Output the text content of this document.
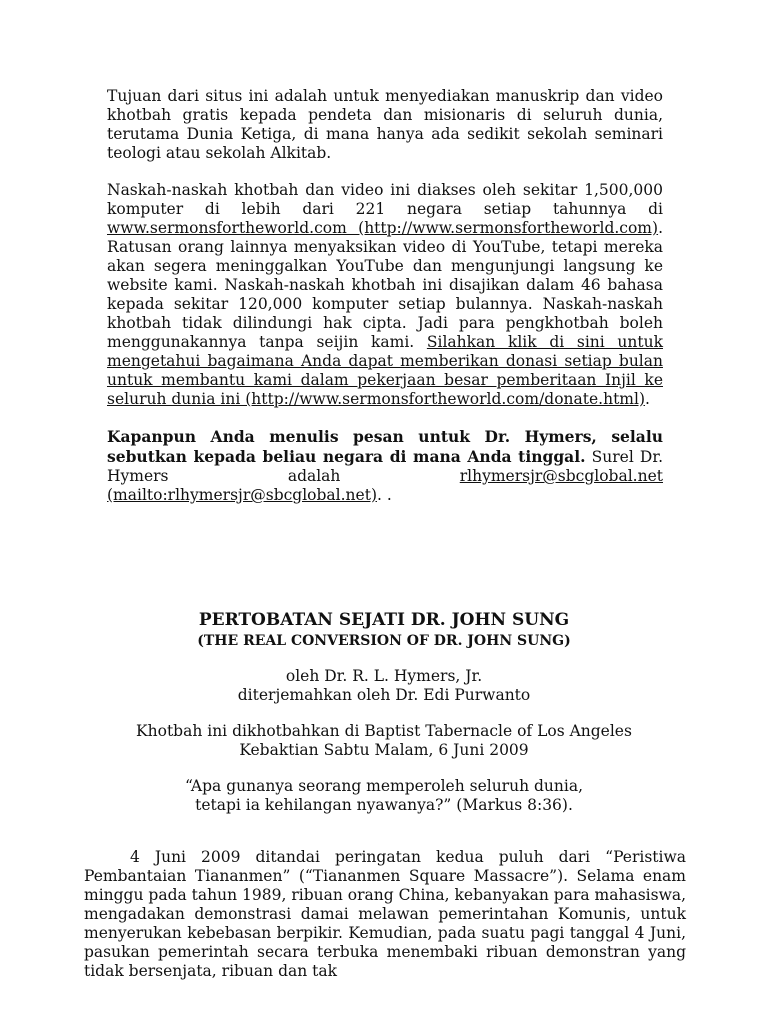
Tujuan dari situs ini adalah untuk menyediakan manuskrip dan video khotbah gratis kepada pendeta dan misionaris di seluruh dunia, terutama Dunia Ketiga, di mana hanya ada sedikit sekolah seminari teologi atau sekolah Alkitab.

Naskah-naskah khotbah dan video ini diakses oleh sekitar 1,500,000 komputer di lebih dari 221 negara setiap tahunnya di www.sermonsfortheworld.com (http://www.sermonsfortheworld.com). Ratusan orang lainnya menyaksikan video di YouTube, tetapi mereka akan segera meninggalkan YouTube dan mengunjungi langsung ke website kami. Naskah-naskah khotbah ini disajikan dalam 46 bahasa kepada sekitar 120,000 komputer setiap bulannya. Naskah-naskah khotbah tidak dilindungi hak cipta. Jadi para pengkhotbah boleh menggunakannya tanpa seijin kami. Silahkan klik di sini untuk mengetahui bagaimana Anda dapat memberikan donasi setiap bulan untuk membantu kami dalam pekerjaan besar pemberitaan Injil ke seluruh dunia ini (http://www.sermonsfortheworld.com/donate.html).

Kapanpun Anda menulis pesan untuk Dr. Hymers, selalu sebutkan kepada beliau negara di mana Anda tinggal. Surel Dr. Hymers adalah rlhymersjr@sbcglobal.net (mailto:rlhymersjr@sbcglobal.net). .

PERTOBATAN SEJATI DR. JOHN SUNG
(THE REAL CONVERSION OF DR. JOHN SUNG)
oleh Dr. R. L. Hymers, Jr.
diterjemahkan oleh Dr. Edi Purwanto
Khotbah ini dikhotbahkan di Baptist Tabernacle of Los Angeles
Kebaktian Sabtu Malam, 6 Juni 2009
“Apa gunanya seorang memperoleh seluruh dunia,
tetapi ia kehilangan nyawanya?” (Markus 8:36).

4 Juni 2009 ditandai peringatan kedua puluh dari “Peristiwa Pembantaian Tiananmen” (“Tiananmen Square Massacre”). Selama enam minggu pada tahun 1989, ribuan orang China, kebanyakan para mahasiswa, mengadakan demonstrasi damai melawan pemerintahan Komunis, untuk menyerukan kebebasan berpikir. Kemudian, pada suatu pagi tanggal 4 Juni, pasukan pemerintah secara terbuka menembaki ribuan demonstran yang tidak bersenjata, ribuan dan tak
